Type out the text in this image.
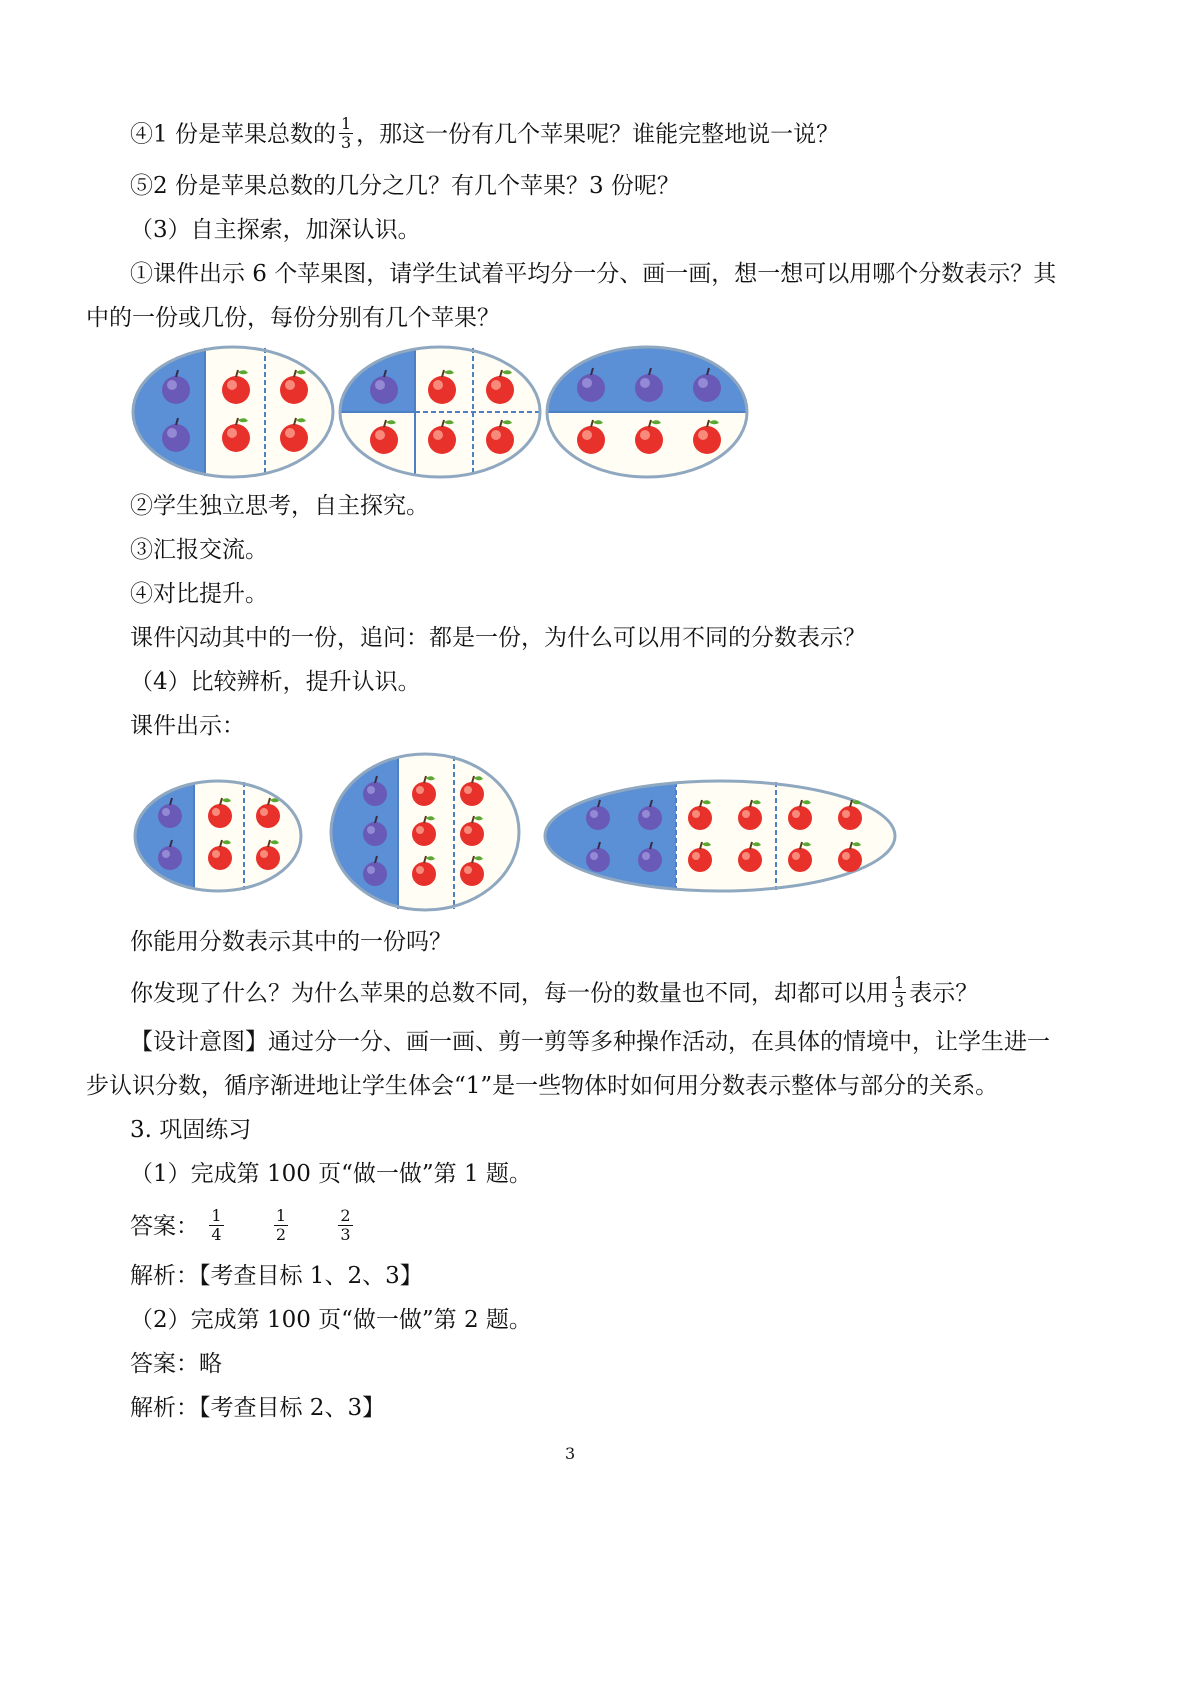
④1 份是苹果总数的 $\frac{1}{3}$ ，那这一份有几个苹果呢？谁能完整地说一说？
⑤2 份是苹果总数的几分之几？有几个苹果？3 份呢？
（3）自主探索，加深认识。
①课件出示 6 个苹果图，请学生试着平均分一分、画一画，想一想可以用哪个分数表示？其
中的一份或几份，每份分别有几个苹果？
②学生独立思考，自主探究。
③汇报交流。
④对比提升。
课件闪动其中的一份，追问：都是一份，为什么可以用不同的分数表示？
（4）比较辨析，提升认识。
课件出示：
你能用分数表示其中的一份吗？
你发现了什么？为什么苹果的总数不同，每一份的数量也不同，却都可以用 $\frac{1}{3}$ 表示？
【设计意图】通过分一分、画一画、剪一剪等多种操作活动，在具体的情境中，让学生进一
步认识分数，循序渐进地让学生体会“1”是一些物体时如何用分数表示整体与部分的关系。
3. 巩固练习
（1）完成第 100 页“做一做”第 1 题。
答案： $\frac{1}{4}$
	$\frac{1}{2}$
	$\frac{2}{3}$
解析：【考查目标 1、2、3】
（2）完成第 100 页“做一做”第 2 题。
答案：略
解析：【考查目标 2、3】
3
